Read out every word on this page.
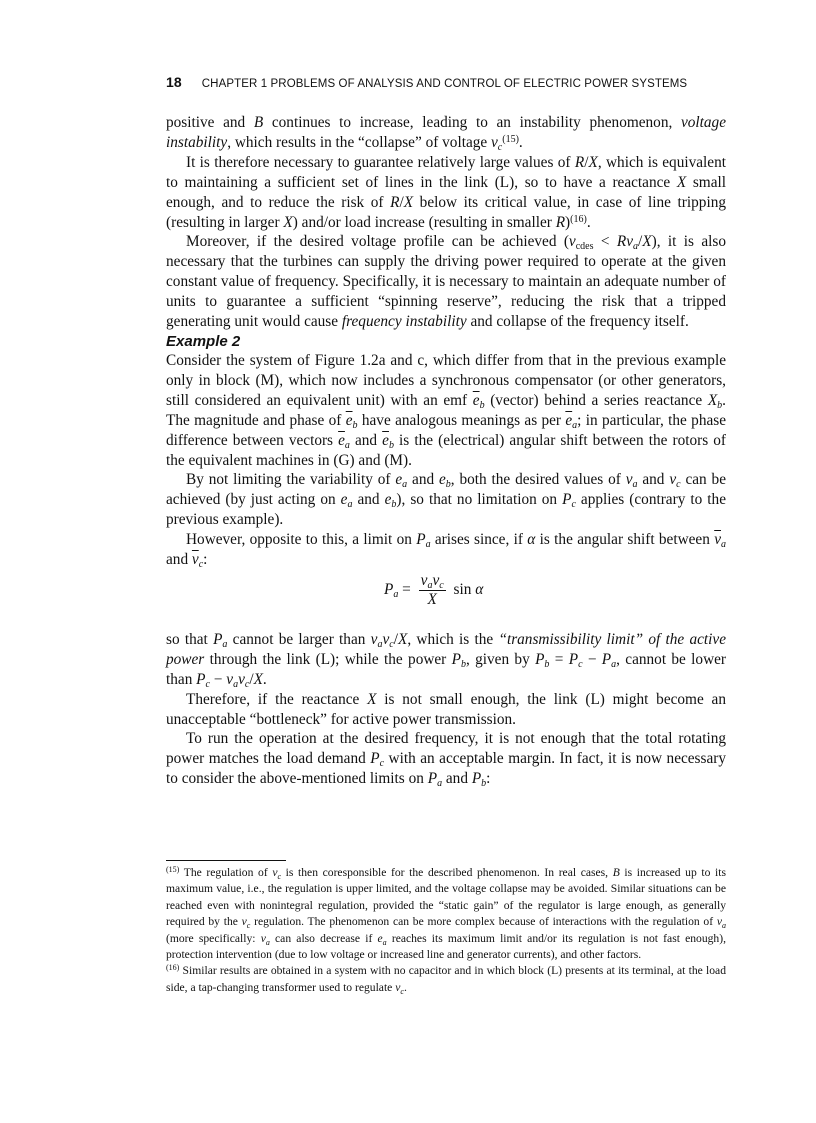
18 CHAPTER 1 PROBLEMS OF ANALYSIS AND CONTROL OF ELECTRIC POWER SYSTEMS

positive and B continues to increase, leading to an instability phenomenon, voltage instability, which results in the “collapse” of voltage $v_c^{(15)}$.

It is therefore necessary to guarantee relatively large values of R/X, which is equivalent to maintaining a sufficient set of lines in the link (L), so to have a reactance X small enough, and to reduce the risk of R/X below its critical value, in case of line tripping (resulting in larger X) and/or load increase (resulting in smaller R)$^{(16)}$.

Moreover, if the desired voltage profile can be achieved $(v_{cdes} < Rv_a/X)$, it is also necessary that the turbines can supply the driving power required to operate at the given constant value of frequency. Specifically, it is necessary to maintain an adequate number of units to guarantee a sufficient “spinning reserve”, reducing the risk that a tripped generating unit would cause frequency instability and collapse of the frequency itself.

Example 2

Consider the system of Figure 1.2a and c, which differ from that in the previous example only in block (M), which now includes a synchronous compensator (or other generators, still considered an equivalent unit) with an emf $\overline{e}_b$ (vector) behind a series reactance $X_b$. The magnitude and phase of $\overline{e}_b$ have analogous meanings as per $\overline{e}_a$; in particular, the phase difference between vectors $\overline{e}_a$ and $\overline{e}_b$ is the (electrical) angular shift between the rotors of the equivalent machines in (G) and (M).

By not limiting the variability of $e_a$ and $e_b$, both the desired values of $v_a$ and $v_c$ can be achieved (by just acting on $e_a$ and $e_b$), so that no limitation on $P_c$ applies (contrary to the previous example).

However, opposite to this, a limit on $P_a$ arises since, if α is the angular shift between $\overline{v}_a$ and $\overline{v}_c$:

$P_a = \frac{v_av_c}{X}$ sin α

so that $P_a$ cannot be larger than $v_av_c/X$, which is the “transmissibility limit” of the active power through the link (L); while the power $P_b$, given by $P_b = P_c - P_a$, cannot be lower than $P_c - v_av_c/X$.

Therefore, if the reactance X is not small enough, the link (L) might become an unacceptable “bottleneck” for active power transmission.

To run the operation at the desired frequency, it is not enough that the total rotating power matches the load demand $P_c$ with an acceptable margin. In fact, it is now necessary to consider the above-mentioned limits on $P_a$ and $P_b$:

$^{(15)}$ The regulation of $v_c$ is then coresponsible for the described phenomenon. In real cases, B is increased up to its maximum value, i.e., the regulation is upper limited, and the voltage collapse may be avoided. Similar situations can be reached even with nonintegral regulation, provided the “static gain” of the regulator is large enough, as generally required by the $v_c$ regulation. The phenomenon can be more complex because of interactions with the regulation of $v_a$ (more specifically: $v_a$ can also decrease if $e_a$ reaches its maximum limit and/or its regulation is not fast enough), protection intervention (due to low voltage or increased line and generator currents), and other factors.

$^{(16)}$ Similar results are obtained in a system with no capacitor and in which block (L) presents at its terminal, at the load side, a tap-changing transformer used to regulate $v_c$.
